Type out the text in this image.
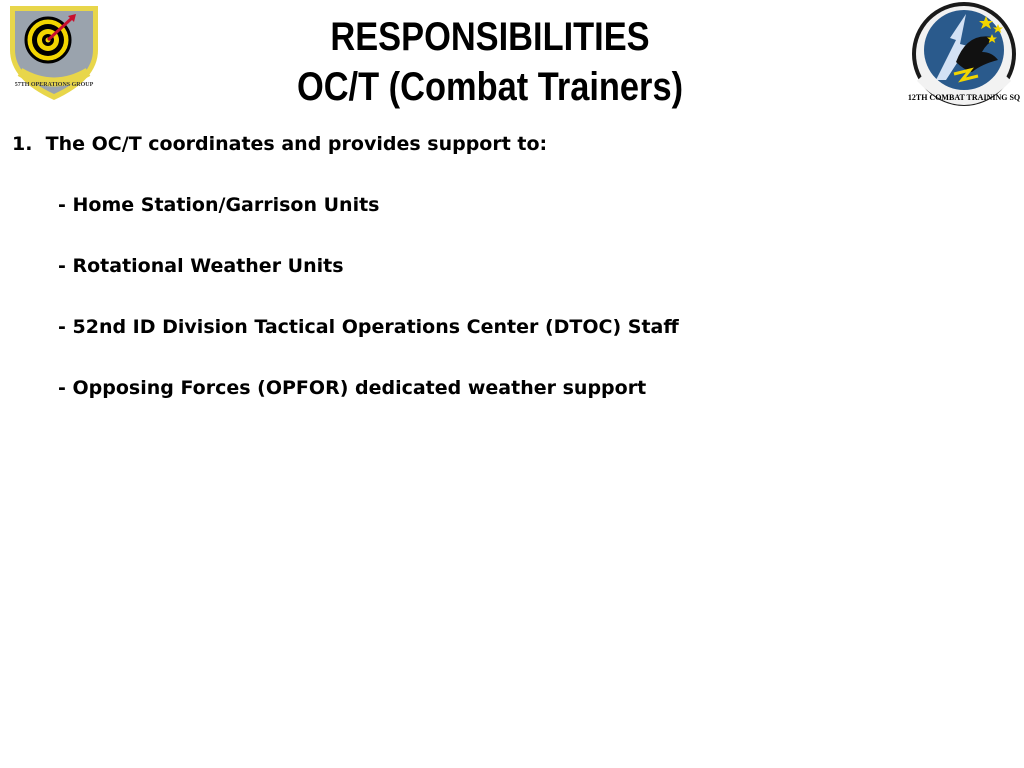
57TH OPERATIONS GROUP
RESPONSIBILITIES
OC/T (Combat Trainers)	12TH COMBAT TRAINING SQ

1.  The OC/T coordinates and provides support to:

- Home Station/Garrison Units

- Rotational Weather Units

- 52nd ID Division Tactical Operations Center (DTOC) Staff

- Opposing Forces (OPFOR) dedicated weather support
